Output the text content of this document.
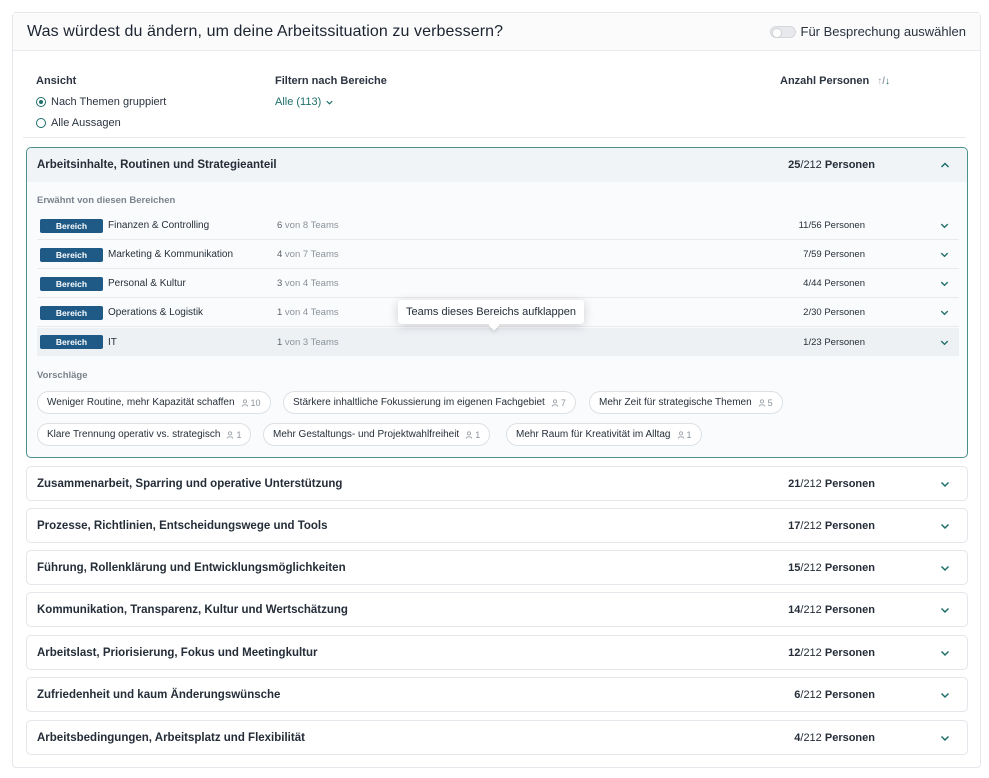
Was würdest du ändern, um deine Arbeitssituation zu verbessern?	Für Besprechung auswählen
Ansicht
Nach Themen gruppiert
Alle Aussagen
Filtern nach Bereiche
Alle (113)
Anzahl Personen ↑/↓
Arbeitsinhalte, Routinen und Strategieanteil	25/212 Personen
Erwähnt von diesen Bereichen
Bereich	Finanzen & Controlling	6 von 8 Teams	11/56 Personen
Bereich	Marketing & Kommunikation	4 von 7 Teams	7/59 Personen
Bereich	Personal & Kultur	3 von 4 Teams	4/44 Personen
Bereich	Operations & Logistik	1 von 4 Teams	2/30 Personen
Bereich	IT	1 von 3 Teams	1/23 Personen
Vorschläge
Weniger Routine, mehr Kapazität schaffen 10	Stärkere inhaltliche Fokussierung im eigenen Fachgebiet 7	Mehr Zeit für strategische Themen 5
Klare Trennung operativ vs. strategisch 1	Mehr Gestaltungs- und Projektwahlfreiheit 1	Mehr Raum für Kreativität im Alltag 1
Zusammenarbeit, Sparring und operative Unterstützung	21/212 Personen
Prozesse, Richtlinien, Entscheidungswege und Tools	17/212 Personen
Führung, Rollenklärung und Entwicklungsmöglichkeiten	15/212 Personen
Kommunikation, Transparenz, Kultur und Wertschätzung	14/212 Personen
Arbeitslast, Priorisierung, Fokus und Meetingkultur	12/212 Personen
Zufriedenheit und kaum Änderungswünsche	6/212 Personen
Arbeitsbedingungen, Arbeitsplatz und Flexibilität	4/212 Personen
Teams dieses Bereichs aufklappen
